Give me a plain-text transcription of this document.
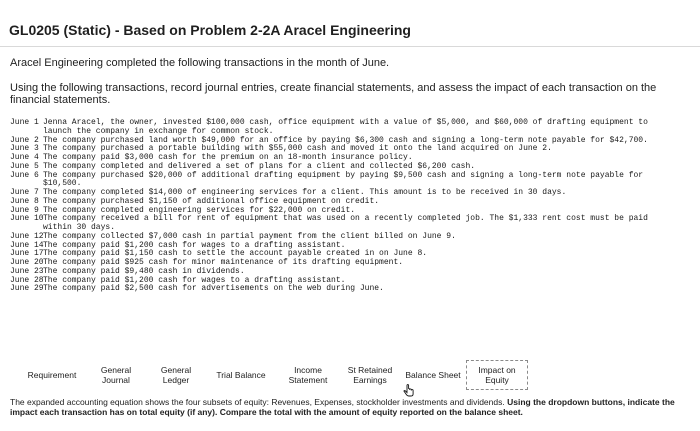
GL0205 (Static) - Based on Problem 2-2A Aracel Engineering
Aracel Engineering completed the following transactions in the month of June.
Using the following transactions, record journal entries, create financial statements, and assess the impact of each transaction on the financial statements.
June 1 Jenna Aracel, the owner, invested $100,000 cash, office equipment with a value of $5,000, and $60,000 of drafting equipment to launch the company in exchange for common stock.
June 2 The company purchased land worth $49,000 for an office by paying $6,300 cash and signing a long-term note payable for $42,700.
June 3 The company purchased a portable building with $55,000 cash and moved it onto the land acquired on June 2.
June 4 The company paid $3,000 cash for the premium on an 18-month insurance policy.
June 5 The company completed and delivered a set of plans for a client and collected $6,200 cash.
June 6 The company purchased $20,000 of additional drafting equipment by paying $9,500 cash and signing a long-term note payable for $10,500.
June 7 The company completed $14,000 of engineering services for a client. This amount is to be received in 30 days.
June 8 The company purchased $1,150 of additional office equipment on credit.
June 9 The company completed engineering services for $22,000 on credit.
June 10 The company received a bill for rent of equipment that was used on a recently completed job. The $1,333 rent cost must be paid within 30 days.
June 12 The company collected $7,000 cash in partial payment from the client billed on June 9.
June 14 The company paid $1,200 cash for wages to a drafting assistant.
June 17 The company paid $1,150 cash to settle the account payable created in on June 8.
June 20 The company paid $925 cash for minor maintenance of its drafting equipment.
June 23 The company paid $9,480 cash in dividends.
June 28 The company paid $1,200 cash for wages to a drafting assistant.
June 29 The company paid $2,500 cash for advertisements on the web during June.
Requirement	General Journal
General Ledger	Trial Balance	Income Statement
St Retained Earnings	Balance Sheet	Impact on Equity
The expanded accounting equation shows the four subsets of equity: Revenues, Expenses, stockholder investments and dividends. Using the dropdown buttons, indicate the impact each transaction has on total equity (if any). Compare the total with the amount of equity reported on the balance sheet.
